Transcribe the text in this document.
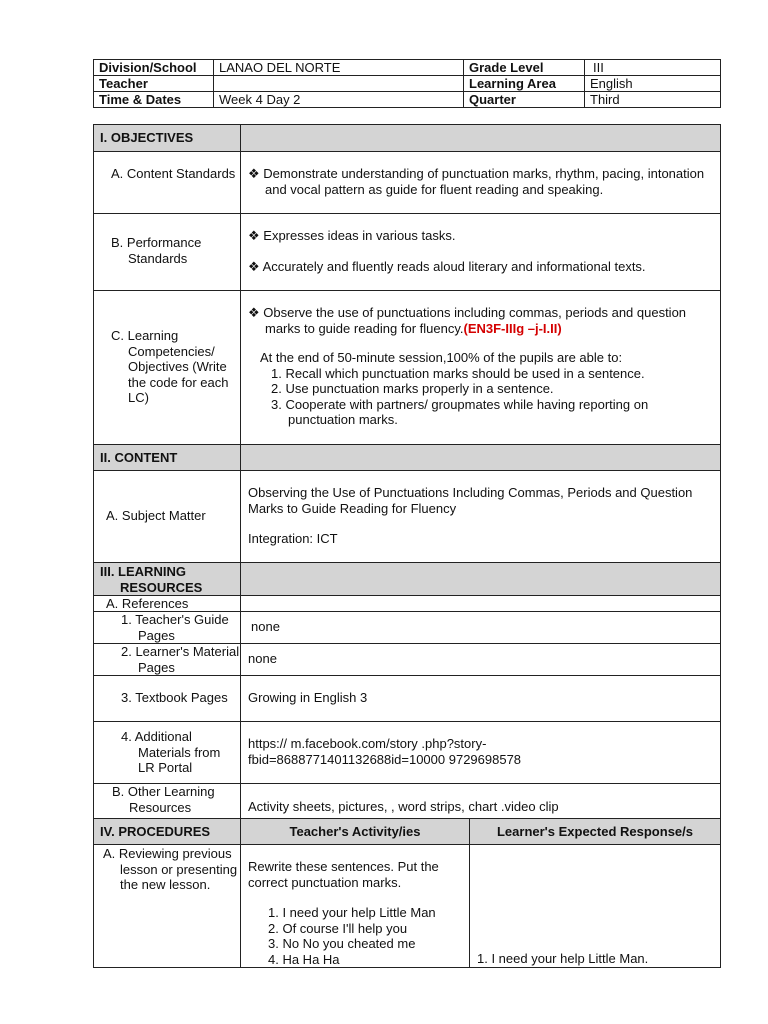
Division/School	LANAO DEL NORTE	Grade Level	III
Teacher		Learning Area	English
Time & Dates	Week 4 Day 2	Quarter	Third
I. OBJECTIVES		

A. Content Standards	❖ Demonstrate understanding of punctuation marks, rhythm, pacing, intonation and vocal pattern as guide for fluent reading and speaking.	

B. Performance Standards	❖ Expresses ideas in various tasks.
❖ Accurately and fluently reads aloud literary and informational texts.	

C. Learning Competencies/ Objectives (Write the code for each LC)	❖ Observe the use of punctuations including commas, periods and question marks to guide reading for fluency.(EN3F-IIIg –j-I.II)
At the end of 50-minute session,100% of the pupils are able to:
1. Recall which punctuation marks should be used in a sentence.
2. Use punctuation marks properly in a sentence.
3. Cooperate with partners/ groupmates while having reporting on punctuation marks.	

II. CONTENT		

A. Subject Matter	Observing the Use of Punctuations Including Commas, Periods and Question Marks to Guide Reading for Fluency
Integration: ICT	

III. LEARNING RESOURCES		

A. References		

1. Teacher's Guide Pages	none	

2. Learner's Material Pages	none	

3. Textbook Pages	Growing in English 3	

4. Additional Materials from LR Portal	https:// m.facebook.com/story .php?story-fbid=8688771401132688id=10000 9729698578	

B. Other Learning Resources	Activity sheets, pictures, , word strips, chart .video clip	
IV. PROCEDURES	Teacher's Activity/ies	Learner's Expected Response/s

A. Reviewing previous lesson or presenting the new lesson.	Rewrite these sentences. Put the correct punctuation marks.
1. I need your help Little Man
2. Of course I'll help you
3. No No you cheated me
4. Ha Ha Ha	1. I need your help Little Man.
